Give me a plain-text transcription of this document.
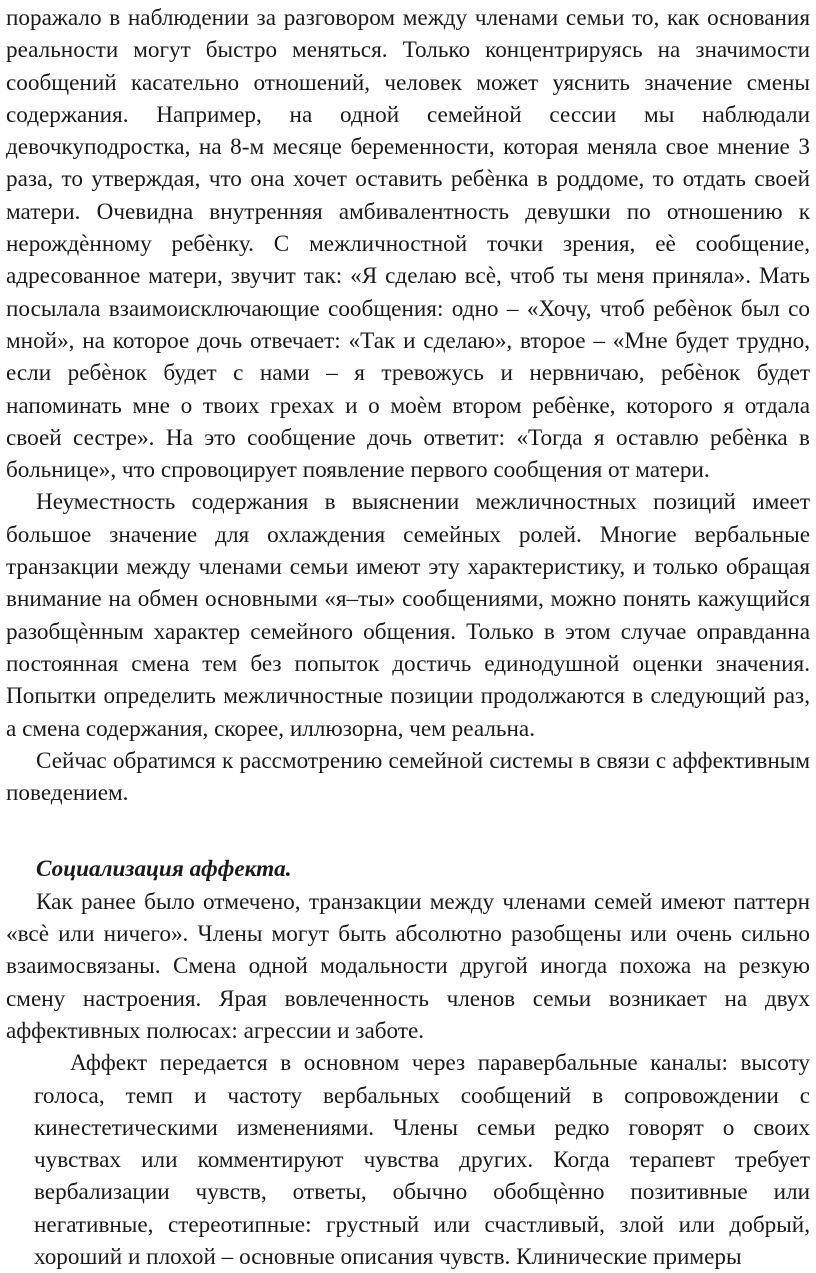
поражало в наблюдении за разговором между членами семьи то, как основания реальности могут быстро меняться. Только концентрируясь на значимости сообщений касательно отношений, человек может уяснить значение смены содержания. Например, на одной семейной сессии мы наблюдали девочкуподростка, на 8-м месяце беременности, которая меняла свое мнение 3 раза, то утверждая, что она хочет оставить ребѐнка в роддоме, то отдать своей матери. Очевидна внутренняя амбивалентность девушки по отношению к нерождѐнному ребѐнку. С межличностной точки зрения, еѐ сообщение, адресованное матери, звучит так: «Я сделаю всѐ, чтоб ты меня приняла». Мать посылала взаимоисключающие сообщения: одно – «Хочу, чтоб ребѐнок был со мной», на которое дочь отвечает: «Так и сделаю», второе – «Мне будет трудно, если ребѐнок будет с нами – я тревожусь и нервничаю, ребѐнок будет напоминать мне о твоих грехах и о моѐм втором ребѐнке, которого я отдала своей сестре». На это сообщение дочь ответит: «Тогда я оставлю ребѐнка в больнице», что спровоцирует появление первого сообщения от матери.

Неуместность содержания в выяснении межличностных позиций имеет большое значение для охлаждения семейных ролей. Многие вербальные транзакции между членами семьи имеют эту характеристику, и только обращая внимание на обмен основными «я–ты» сообщениями, можно понять кажущийся разобщѐнным характер семейного общения. Только в этом случае оправданна постоянная смена тем без попыток достичь единодушной оценки значения. Попытки определить межличностные позиции продолжаются в следующий раз, а смена содержания, скорее, иллюзорна, чем реальна.

Сейчас обратимся к рассмотрению семейной системы в связи с аффективным поведением.

Социализация аффекта.

Как ранее было отмечено, транзакции между членами семей имеют паттерн «всѐ или ничего». Члены могут быть абсолютно разобщены или очень сильно взаимосвязаны. Смена одной модальности другой иногда похожа на резкую смену настроения. Ярая вовлеченность членов семьи возникает на двух аффективных полюсах: агрессии и заботе.

Аффект передается в основном через паравербальные каналы: высоту голоса, темп и частоту вербальных сообщений в сопровождении с кинестетическими изменениями. Члены семьи редко говорят о своих чувствах или комментируют чувства других. Когда терапевт требует вербализации чувств, ответы, обычно обобщѐнно позитивные или негативные, стереотипные: грустный или счастливый, злой или добрый, хороший и плохой – основные описания чувств. Клинические примеры
